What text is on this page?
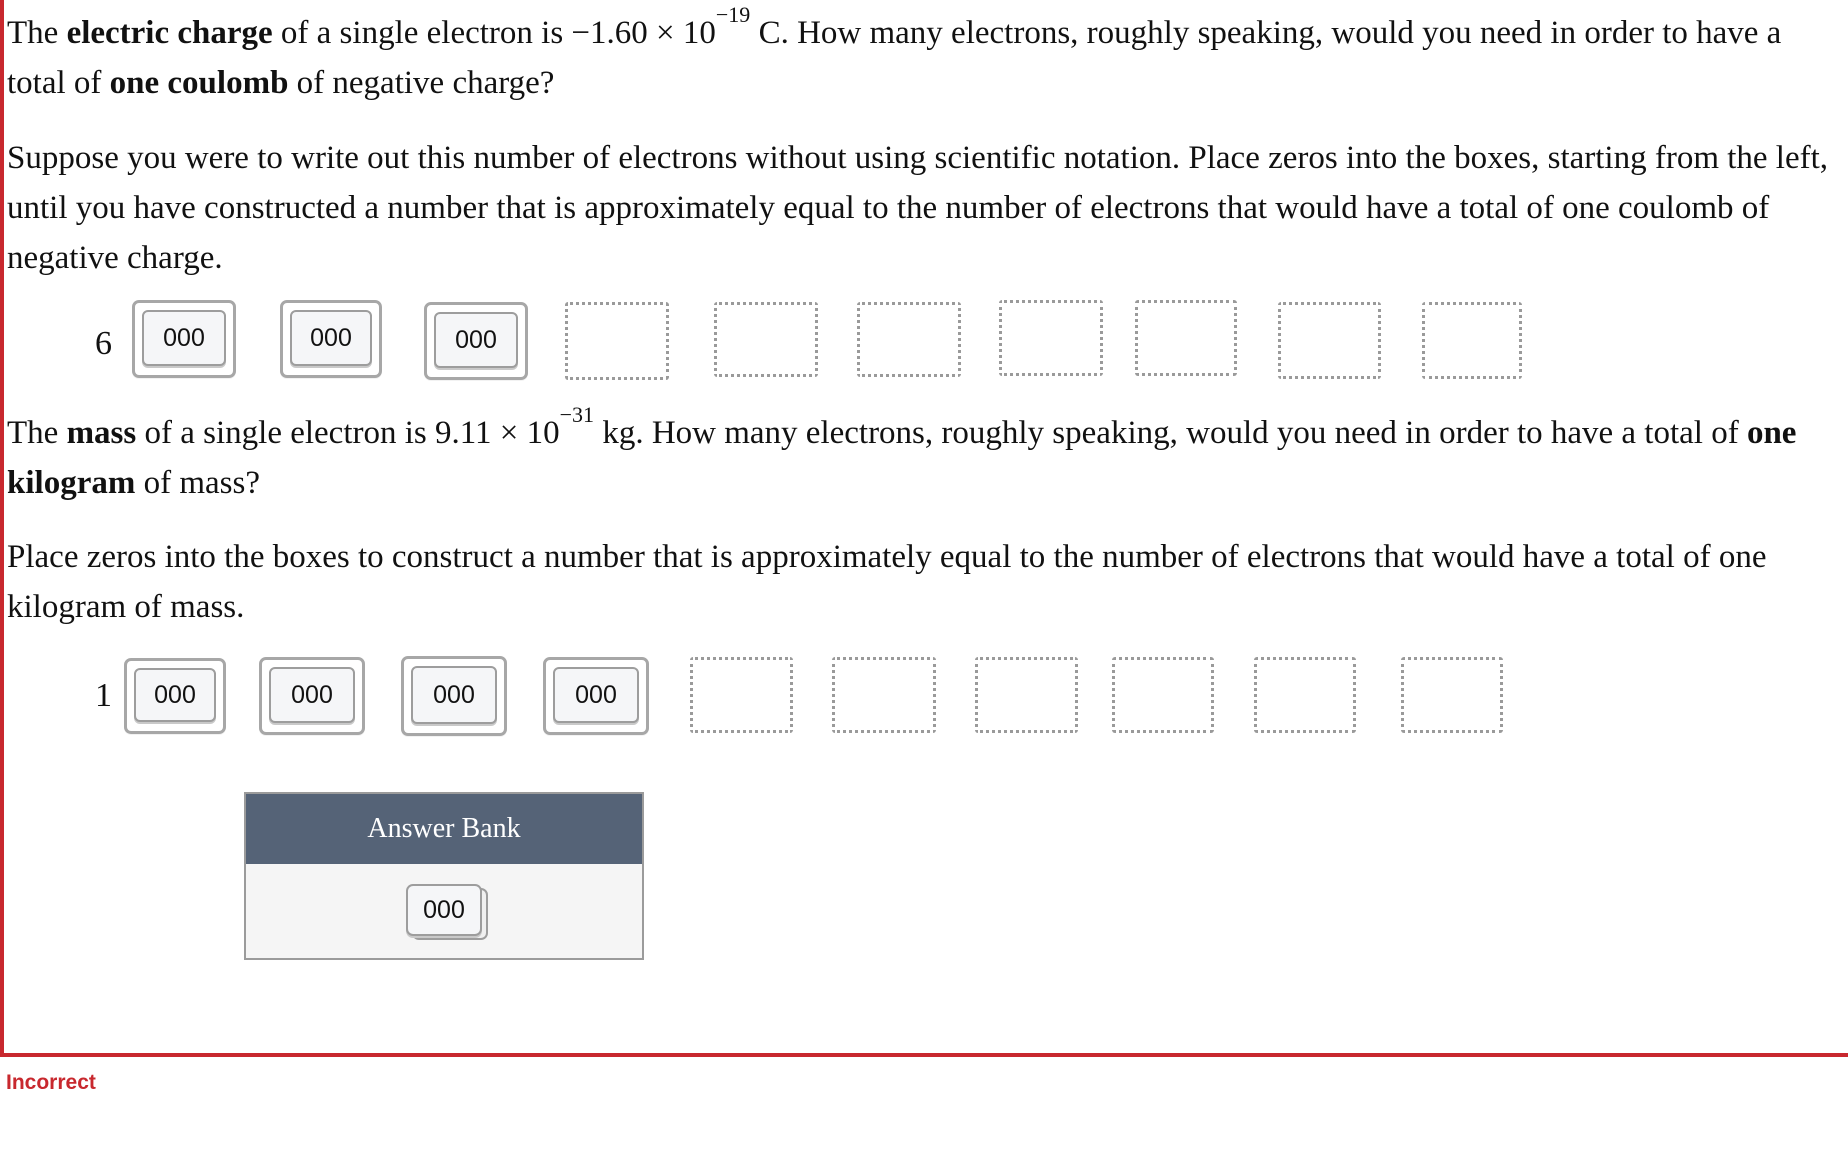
The electric charge of a single electron is $-1.60 \times 10^{-19}$ C. How many electrons, roughly speaking, would you need in order to have a total of one coulomb of negative charge?

Suppose you were to write out this number of electrons without using scientific notation. Place zeros into the boxes, starting from the left, until you have constructed a number that is approximately equal to the number of electrons that would have a total of one coulomb of negative charge.

6	000	000	000

The mass of a single electron is $9.11 \times 10^{-31}$ kg. How many electrons, roughly speaking, would you need in order to have a total of one kilogram of mass?

Place zeros into the boxes to construct a number that is approximately equal to the number of electrons that would have a total of one kilogram of mass.

1	000	000	000	000
Answer Bank
000
Incorrect
